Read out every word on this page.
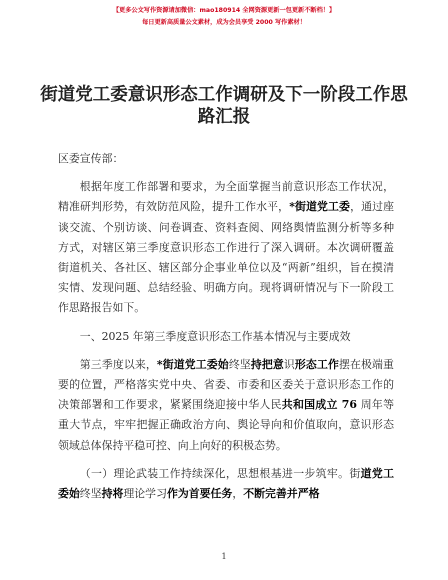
【更多公文写作资源请加微信：mao180914 全网资源更新一包更新不断档！】
每日更新高质量公文素材，成为会员享受 2000 写作素材！
街道党工委意识形态工作调研及下一阶段工作思路汇报

区委宣传部：

根据年度工作部署和要求，为全面掌握当前意识形态工作状况，精准研判形势，有效防范风险，提升工作水平，*街道党工委，通过座谈交流、个别访谈、问卷调查、资料查阅、网络舆情监测分析等多种方式，对辖区第三季度意识形态工作进行了深入调研。本次调研覆盖街道机关、各社区、辖区部分企事业单位以及“两新”组织，旨在摸清实情、发现问题、总结经验、明确方向。现将调研情况与下一阶段工作思路报告如下。

一、2025 年第三季度意识形态工作基本情况与主要成效

第三季度以来，*街道党工委始终坚持把意识形态工作摆在极端重要的位置，严格落实党中央、省委、市委和区委关于意识形态工作的决策部署和工作要求，紧紧围绕迎接中华人民共和国成立 76 周年等重大节点，牢牢把握正确政治方向、舆论导向和价值取向，意识形态领域总体保持平稳可控、向上向好的积极态势。

（一）理论武装工作持续深化，思想根基进一步筑牢。街道党工委始终坚持将理论学习作为首要任务，不断完善并严格

1
